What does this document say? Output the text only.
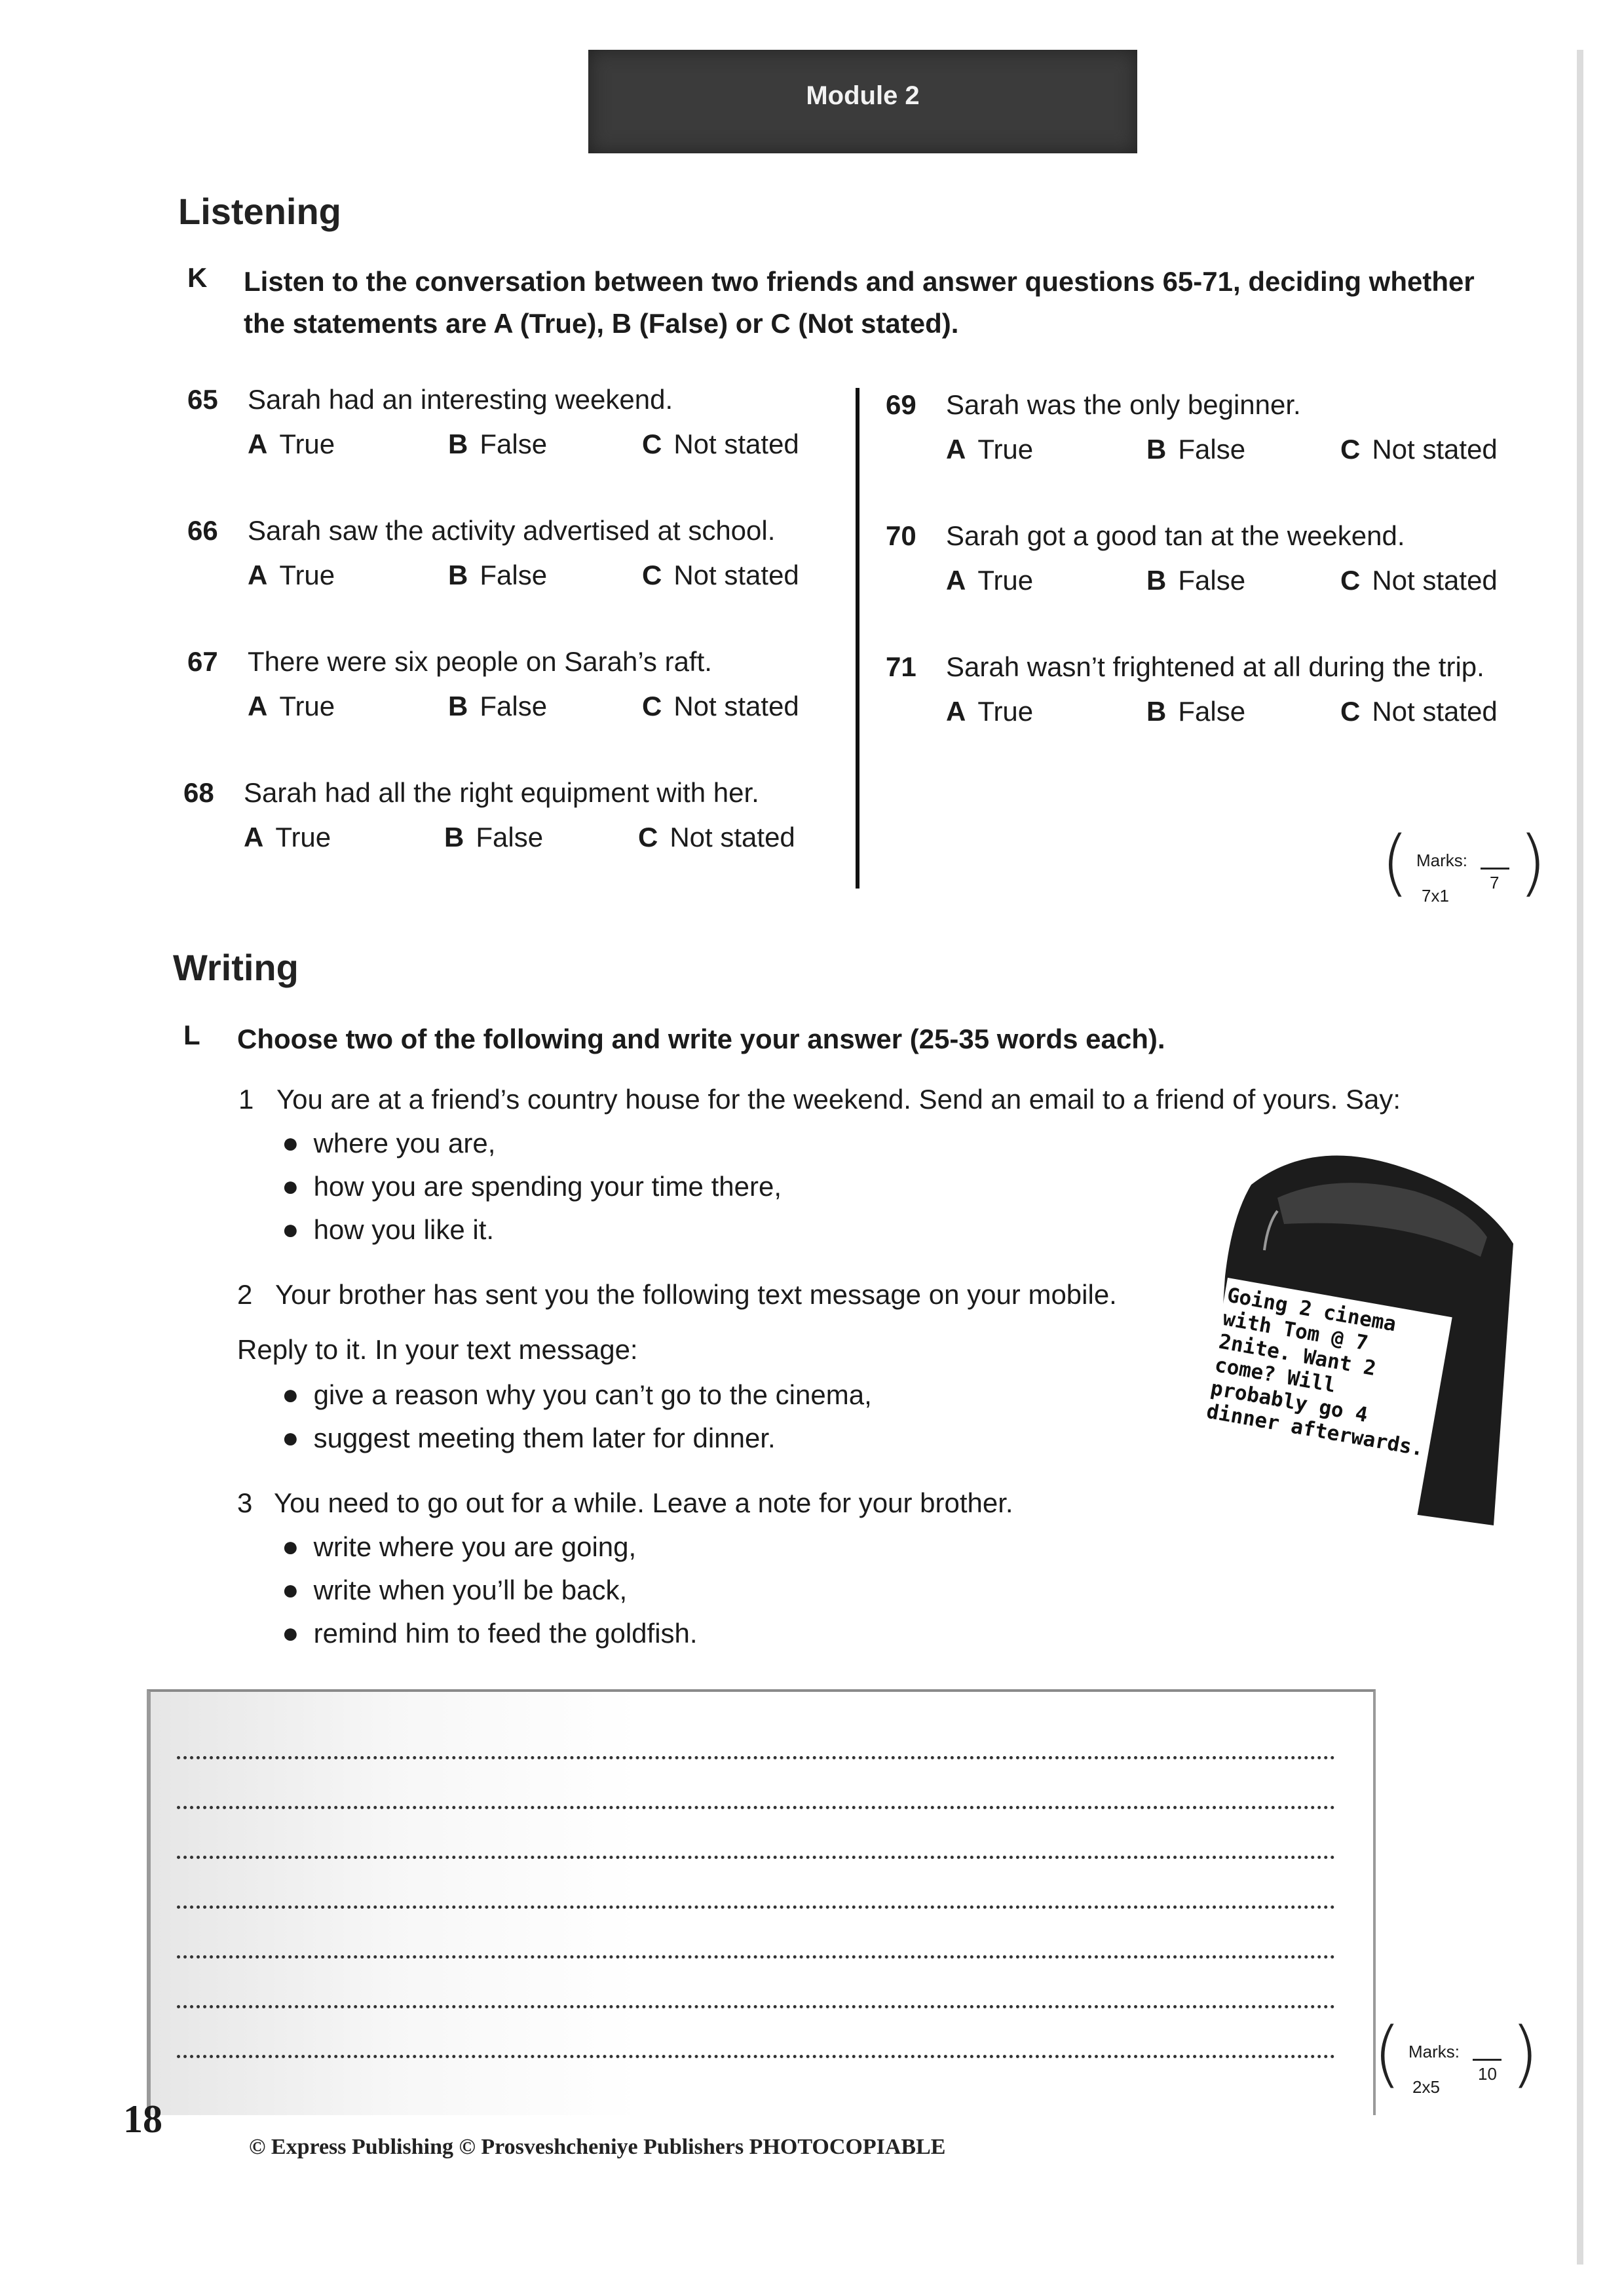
Module 2
Listening
K Listen to the conversation between two friends and answer questions 65-71, deciding whether
the statements are A (True), B (False) or C (Not stated).
65 Sarah had an interesting weekend.
A True	B False	C Not stated
66 Sarah saw the activity advertised at school.
A True	B False	C Not stated
67 There were six people on Sarah’s raft.
A True	B False	C Not stated
68 Sarah had all the right equipment with her.
A True	B False	C Not stated
69 Sarah was the only beginner.
A True	B False	C Not stated
70 Sarah got a good tan at the weekend.
A True	B False	C Not stated
71 Sarah wasn’t frightened at all during the trip.
A True	B False	C Not stated
( Marks:
7x1
7 )
Writing
L Choose two of the following and write your answer (25-35 words each).
1 You are at a friend’s country house for the weekend. Send an email to a friend of yours. Say:
● where you are,
● how you are spending your time there,
● how you like it.
2 Your brother has sent you the following text message on your mobile.
Reply to it. In your text message:
● give a reason why you can’t go to the cinema,
● suggest meeting them later for dinner.
3 You need to go out for a while. Leave a note for your brother.
● write where you are going,
● write when you’ll be back,
● remind him to feed the goldfish.
Going 2 cinema
with Tom @ 7
2nite. Want 2
come? Will
probably go 4
dinner afterwards.
( Marks:
2x5
10 )
18
© Express Publishing © Prosveshcheniye Publishers PHOTOCOPIABLE
